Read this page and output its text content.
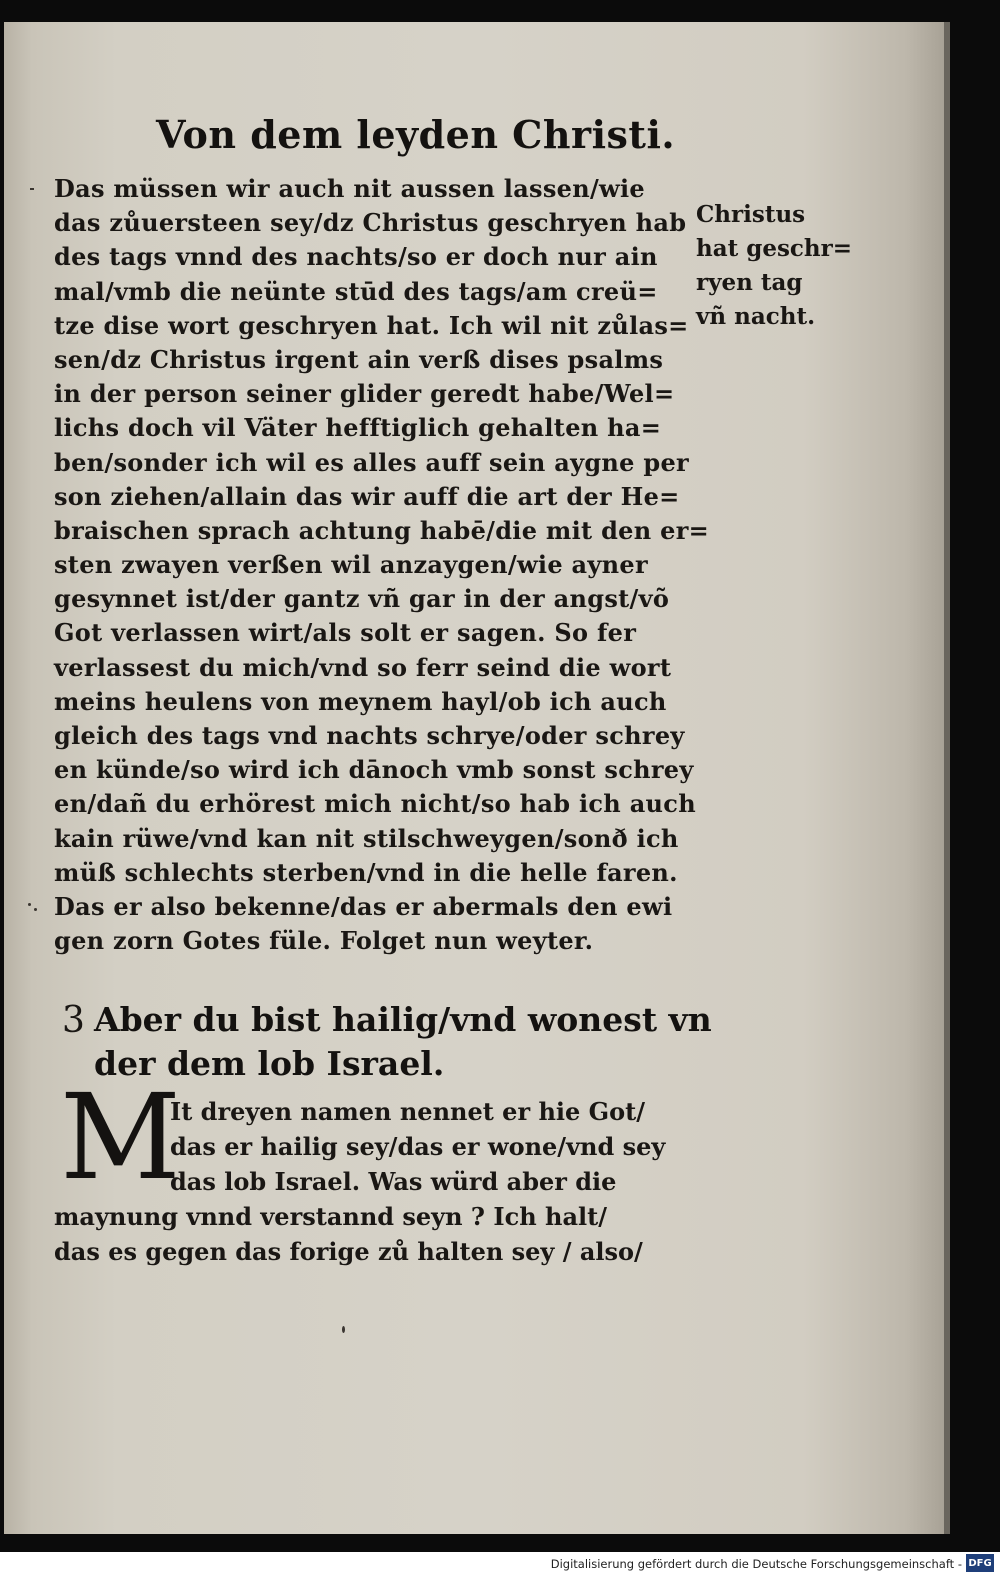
Von dem leyden Christi.
Das müssen wir auch nit aussen lassen/wie
das zůuersteen sey/dz Christus geschryen hab
des tags vnnd des nachts/so er doch nur ain
mal/vmb die neünte stūd des tags/am creü=
tze dise wort geschryen hat. Ich wil nit zůlas=
sen/dz Christus irgent ain verß dises psalms
in der person seiner glider geredt habe/Wel=
lichs doch vil Väter hefftiglich gehalten ha=
ben/sonder ich wil es alles auff sein aygne per
son ziehen/allain das wir auff die art der He=
braischen sprach achtung habē/die mit den er=
sten zwayen verßen wil anzaygen/wie ayner
gesynnet ist/der gantz vñ gar in der angst/võ
Got verlassen wirt/als solt er sagen. So fer
verlassest du mich/vnd so ferr seind die wort
meins heulens von meynem hayl/ob ich auch
gleich des tags vnd nachts schrye/oder schrey
en künde/so wird ich dānoch vmb sonst schrey
en/dañ du erhörest mich nicht/so hab ich auch
kain rüwe/vnd kan nit stilschweygen/sonð ich
müß schlechts sterben/vnd in die helle faren.
Das er also bekenne/das er abermals den ewi
gen zorn Gotes füle. Folget nun weyter.
Christus
hat geschr=
ryen tag
vñ nacht.
3 Aber du bist hailig/vnd wonest vn
der dem lob Israel.
M
It dreyen namen nennet er hie Got/
das er hailig sey/das er wone/vnd sey
das lob Israel. Was würd aber die
maynung vnnd verstannd seyn ? Ich halt/
das es gegen das forige zů halten sey / also/
Digitalisierung gefördert durch die Deutsche Forschungsgemeinschaft - DFG
